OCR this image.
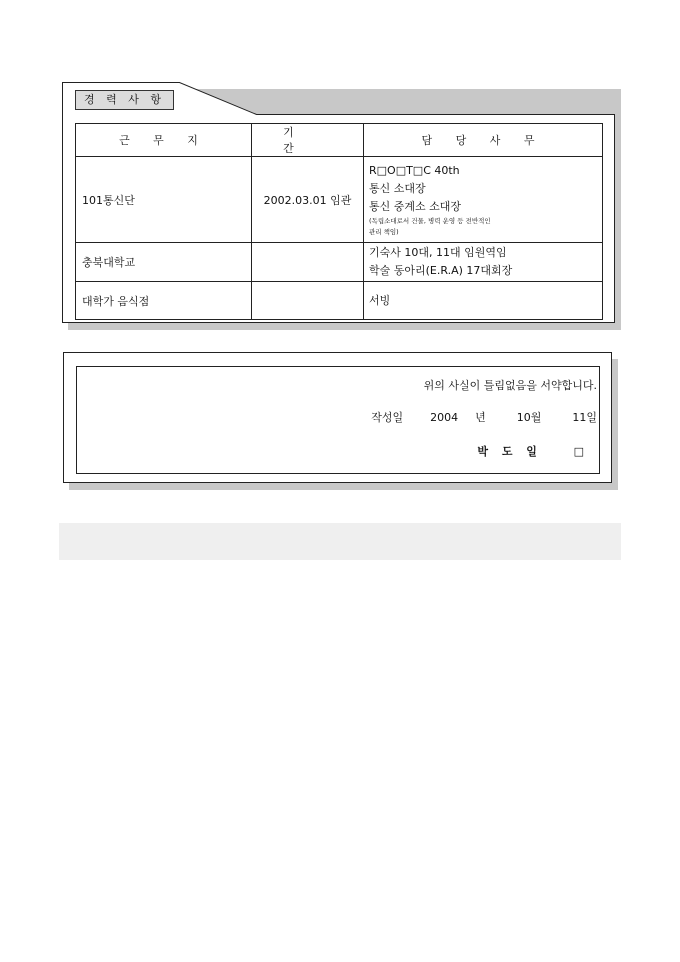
경 력 사 항
근 무 지	기 간	담 당 사 무
101통신단	2002.03.01 임관	R□O□T□C 40th
통신 소대장
통신 중계소 소대장
(독립소대로서 건물, 병력 운영 등 전반적인
관리 책임)

충북대학교		기숙사 10대, 11대 임원역임
학술 동아리(E.R.A) 17대회장

대학가 음식점		서빙
위의 사실이 틀림없음을 서약합니다.
작성일 2004 년	10월	11일
박 도 일	□
